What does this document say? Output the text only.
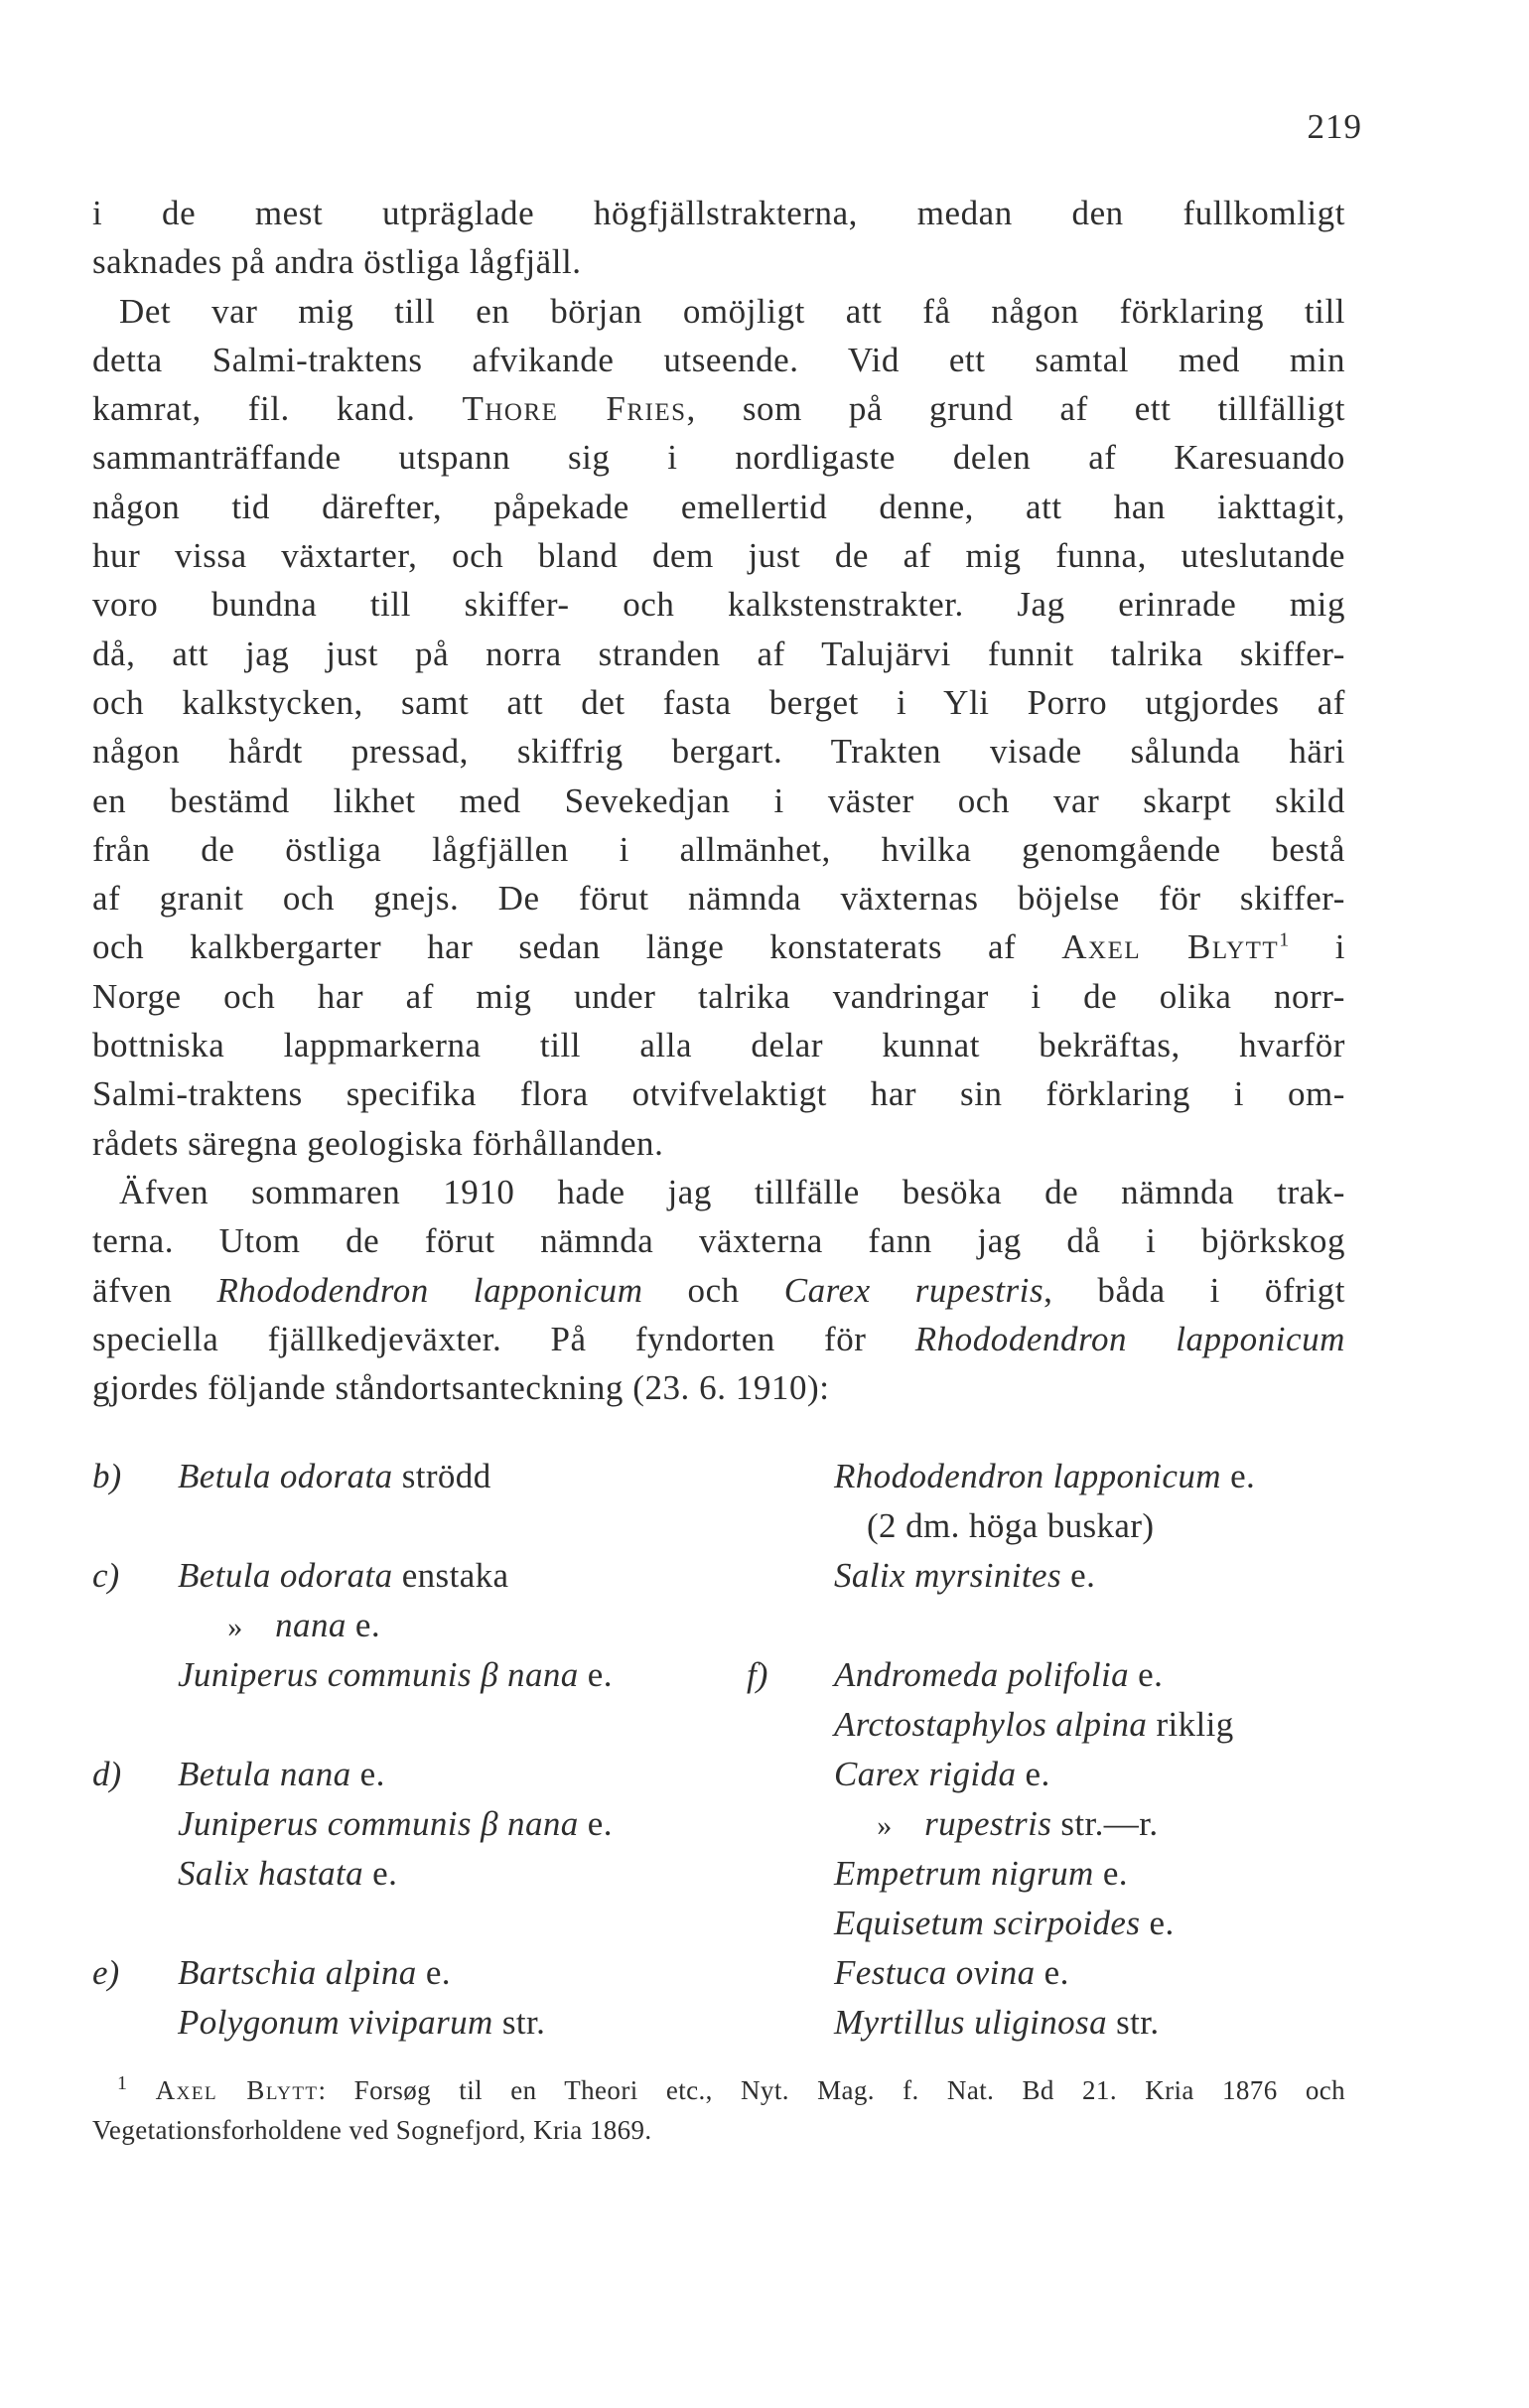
219
i de mest utpräglade högfjällstrakterna, medan den fullkomligt
saknades på andra östliga lågfjäll.
Det var mig till en början omöjligt att få någon förklaring till
detta Salmi-traktens afvikande utseende. Vid ett samtal med min
kamrat, fil. kand. Thore Fries, som på grund af ett tillfälligt
sammanträffande utspann sig i nordligaste delen af Karesuando
någon tid därefter, påpekade emellertid denne, att han iakttagit,
hur vissa växtarter, och bland dem just de af mig funna, uteslutande
voro bundna till skiffer- och kalkstenstrakter. Jag erinrade mig
då, att jag just på norra stranden af Talujärvi funnit talrika skiffer-
och kalkstycken, samt att det fasta berget i Yli Porro utgjordes af
någon hårdt pressad, skiffrig bergart. Trakten visade sålunda häri
en bestämd likhet med Sevekedjan i väster och var skarpt skild
från de östliga lågfjällen i allmänhet, hvilka genomgående bestå
af granit och gnejs. De förut nämnda växternas böjelse för skiffer-
och kalkbergarter har sedan länge konstaterats af Axel Blytt$^1$ i
Norge och har af mig under talrika vandringar i de olika norr-
bottniska lappmarkerna till alla delar kunnat bekräftas, hvarför
Salmi-traktens specifika flora otvifvelaktigt har sin förklaring i om-
rådets säregna geologiska förhållanden.
Äfven sommaren 1910 hade jag tillfälle besöka de nämnda trak-
terna. Utom de förut nämnda växterna fann jag då i björkskog
äfven Rhododendron lapponicum och Carex rupestris, båda i öfrigt
speciella fjällkedjeväxter. På fyndorten för Rhododendron lapponicum
gjordes följande ståndortsanteckning (23. 6. 1910):
b)
c)
d)
e)
f)
Betula odorata strödd
Betula odorata enstaka
» nana e.
Juniperus communis β nana e.
Betula nana e.
Juniperus communis β nana e.
Salix hastata e.
Bartschia alpina e.
Polygonum viviparum str.
Rhododendron lapponicum e.
(2 dm. höga buskar)
Salix myrsinites e.
Andromeda polifolia e.
Arctostaphylos alpina riklig
Carex rigida e.
» rupestris str.—r.
Empetrum nigrum e.
Equisetum scirpoides e.
Festuca ovina e.
Myrtillus uliginosa str.
$^1$ Axel Blytt: Forsøg til en Theori etc., Nyt. Mag. f. Nat. Bd 21. Kria 1876 och
Vegetationsforholdene ved Sognefjord, Kria 1869.
